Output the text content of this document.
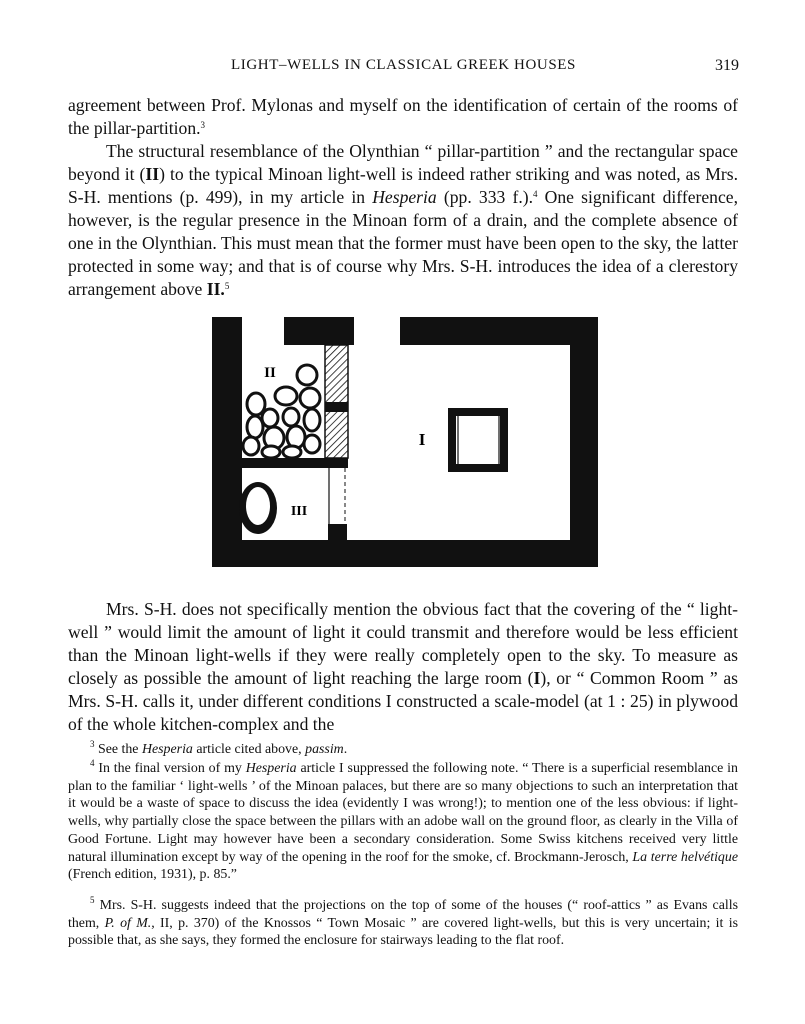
LIGHT–WELLS IN CLASSICAL GREEK HOUSES	319

agreement between Prof. Mylonas and myself on the identification of certain of the rooms of the pillar-partition.$^3$

The structural resemblance of the Olynthian “ pillar-partition ” and the rectangular space beyond it (II) to the typical Minoan light-well is indeed rather striking and was noted, as Mrs. S-H. mentions (p. 499), in my article in Hesperia (pp. 333 f.).$^4$ One significant difference, however, is the regular presence in the Minoan form of a drain, and the complete absence of one in the Olynthian. This must mean that the former must have been open to the sky, the latter protected in some way; and that is of course why Mrs. S-H. introduces the idea of a clerestory arrangement above II.$^5$

II
I
III

Mrs. S-H. does not specifically mention the obvious fact that the covering of the “ light-well ” would limit the amount of light it could transmit and therefore would be less efficient than the Minoan light-wells if they were really completely open to the sky. To measure as closely as possible the amount of light reaching the large room (I), or “ Common Room ” as Mrs. S-H. calls it, under different conditions I constructed a scale-model (at 1 : 25) in plywood of the whole kitchen-complex and the

$^3$ See the Hesperia article cited above, passim.

$^4$ In the final version of my Hesperia article I suppressed the following note. “ There is a superficial resemblance in plan to the familiar ‘ light-wells ’ of the Minoan palaces, but there are so many objections to such an interpretation that it would be a waste of space to discuss the idea (evidently I was wrong!); to mention one of the less obvious: if light-wells, why partially close the space between the pillars with an adobe wall on the ground floor, as clearly in the Villa of Good Fortune. Light may however have been a secondary consideration. Some Swiss kitchens received very little natural illumination except by way of the opening in the roof for the smoke, cf. Brockmann-Jerosch, La terre helvétique (French edition, 1931), p. 85.”

$^5$ Mrs. S-H. suggests indeed that the projections on the top of some of the houses (“ roof-attics ” as Evans calls them, P. of M., II, p. 370) of the Knossos “ Town Mosaic ” are covered light-wells, but this is very uncertain; it is possible that, as she says, they formed the enclosure for stairways leading to the flat roof.
